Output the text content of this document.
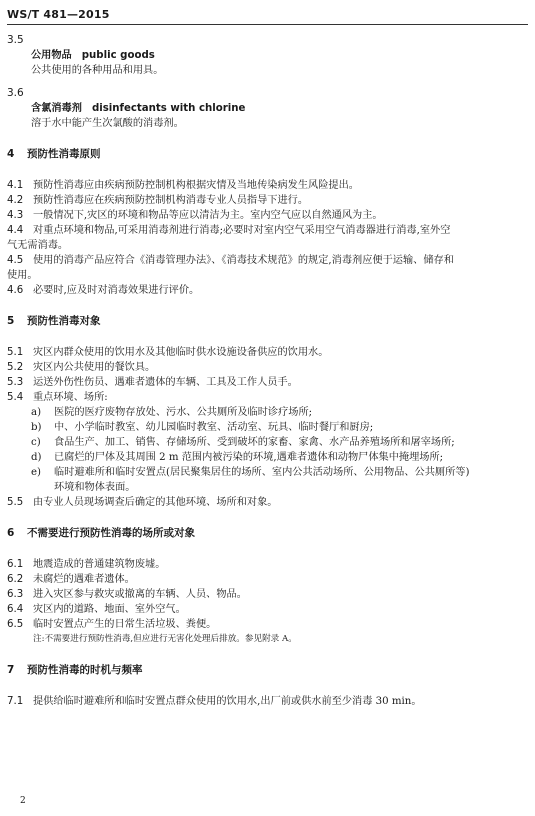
WS/T 481—2015
3.5
公用物品 public goods
公共使用的各种用品和用具。
3.6
含氯消毒剂 disinfectants with chlorine
溶于水中能产生次氯酸的消毒剂。
4 预防性消毒原则
4.1 预防性消毒应由疾病预防控制机构根据灾情及当地传染病发生风险提出。
4.2 预防性消毒应在疾病预防控制机构消毒专业人员指导下进行。
4.3 一般情况下,灾区的环境和物品等应以清洁为主。室内空气应以自然通风为主。
4.4 对重点环境和物品,可采用消毒剂进行消毒;必要时对室内空气采用空气消毒器进行消毒,室外空
气无需消毒。
4.5 使用的消毒产品应符合《消毒管理办法》、《消毒技术规范》的规定,消毒剂应便于运输、储存和
使用。
4.6 必要时,应及时对消毒效果进行评价。
5 预防性消毒对象
5.1 灾区内群众使用的饮用水及其他临时供水设施设备供应的饮用水。
5.2 灾区内公共使用的餐饮具。
5.3 运送外伤性伤员、遇难者遗体的车辆、工具及工作人员手。
5.4 重点环境、场所:
a) 医院的医疗废物存放处、污水、公共厕所及临时诊疗场所;
b) 中、小学临时教室、幼儿园临时教室、活动室、玩具、临时餐厅和厨房;
c) 食品生产、加工、销售、存储场所、受到破坏的家畜、家禽、水产品养殖场所和屠宰场所;
d) 已腐烂的尸体及其周围 2 m 范围内被污染的环境,遇难者遗体和动物尸体集中掩埋场所;
e) 临时避难所和临时安置点(居民聚集居住的场所、室内公共活动场所、公用物品、公共厕所等)
环境和物体表面。
5.5 由专业人员现场调查后确定的其他环境、场所和对象。
6 不需要进行预防性消毒的场所或对象
6.1 地震造成的普通建筑物废墟。
6.2 未腐烂的遇难者遗体。
6.3 进入灾区参与救灾或撤离的车辆、人员、物品。
6.4 灾区内的道路、地面、室外空气。
6.5 临时安置点产生的日常生活垃圾、粪便。
注:不需要进行预防性消毒,但应进行无害化处理后排放。参见附录 A。
7 预防性消毒的时机与频率
7.1 提供给临时避难所和临时安置点群众使用的饮用水,出厂前或供水前至少消毒 30 min。
2
